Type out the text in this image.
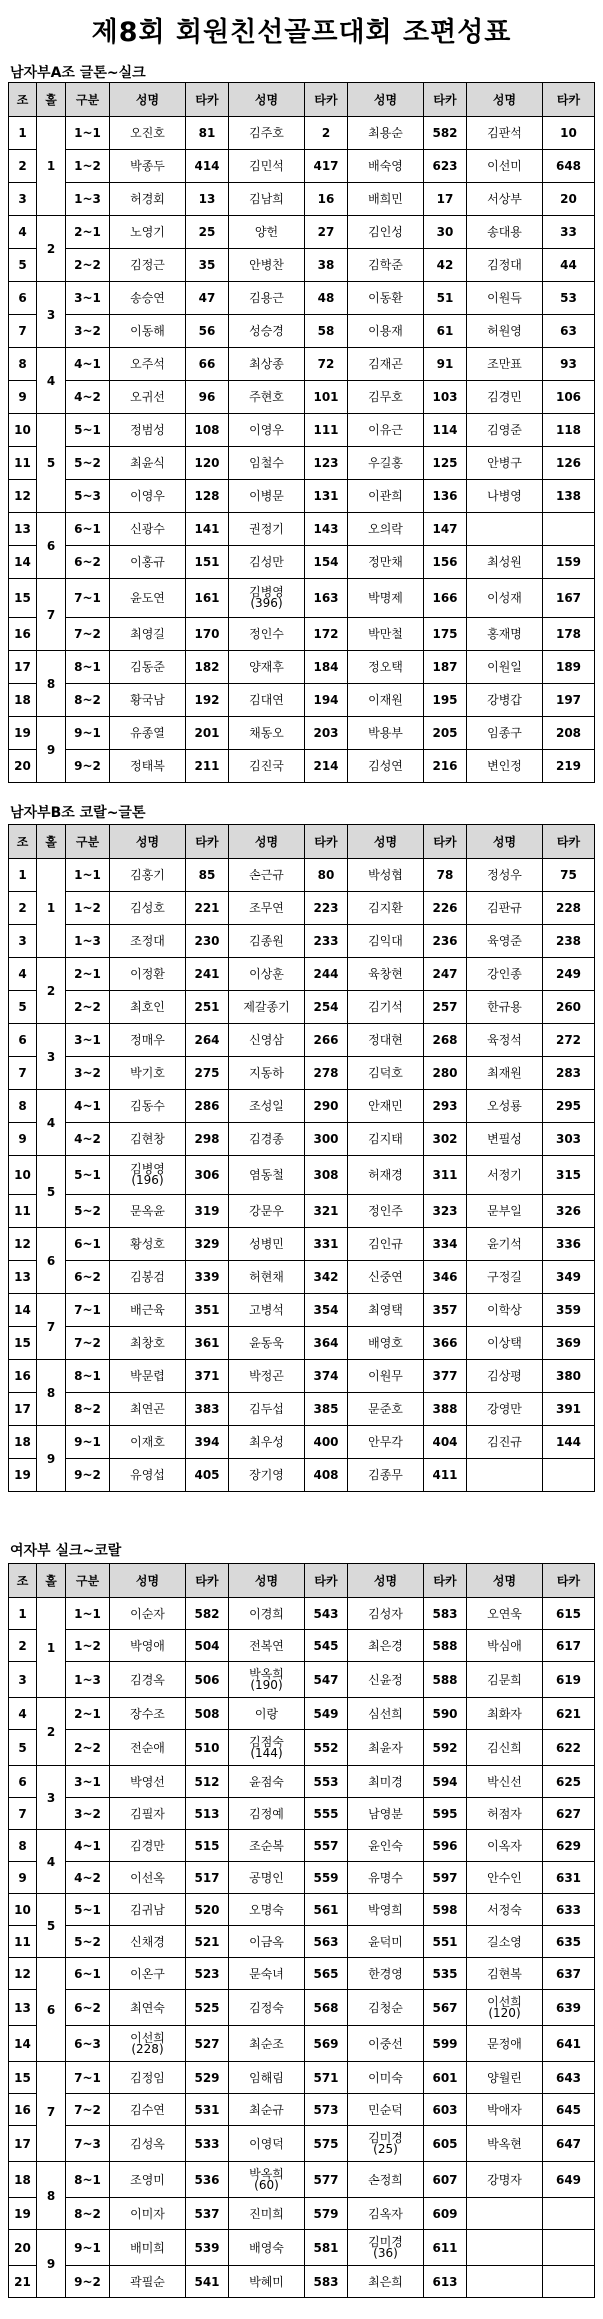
제8회 회원친선골프대회 조편성표
남자부A조 글톤~실크
조	홀	구분	성명	타카	성명	타카	성명	타카	성명	타카
1	1	1~1	오진호	81	김주호	2	최용순	582	김판석	10
2		1~2	박종두	414	김민석	417	배숙영	623	이선미	648
3		1~3	허경회	13	김남희	16	배희민	17	서상부	20
4	2	2~1	노영기	25	양헌	27	김인성	30	송대용	33
5		2~2	김정근	35	안병찬	38	김학준	42	김정대	44
6	3	3~1	송승연	47	김용근	48	이동환	51	이원득	53
7		3~2	이동해	56	성승경	58	이용재	61	허원영	63
8	4	4~1	오주석	66	최상종	72	김재곤	91	조만표	93
9		4~2	오귀선	96	주현호	101	김무호	103	김경민	106
10	5	5~1	정범성	108	이영우	111	이유근	114	김영준	118
11		5~2	최윤식	120	임철수	123	우길홍	125	안병구	126
12		5~3	이영우	128	이병문	131	이관희	136	나병영	138
13	6	6~1	신광수	141	권정기	143	오의락	147		
14		6~2	이홍규	151	김성만	154	정만채	156	최성원	159
15	7	7~1	윤도연	161	김병영
(396)	163	박명제	166	이성재	167
16		7~2	최영길	170	정인수	172	박만철	175	홍재명	178
17	8	8~1	김동준	182	양재후	184	정오택	187	이원일	189
18		8~2	황국남	192	김대연	194	이재원	195	강병갑	197
19	9	9~1	유종열	201	채동오	203	박용부	205	임종구	208
20		9~2	정태복	211	김진국	214	김성연	216	변인정	219
남자부B조 코랄~글톤
조	홀	구분	성명	타카	성명	타카	성명	타카	성명	타카
1	1	1~1	김홍기	85	손근규	80	박성협	78	정성우	75
2		1~2	김성호	221	조무연	223	김지환	226	김판규	228
3		1~3	조정대	230	김종원	233	김익대	236	육영준	238
4	2	2~1	이정환	241	이상훈	244	육창현	247	강인종	249
5		2~2	최호인	251	제갈종기	254	김기석	257	한규용	260
6	3	3~1	정매우	264	신영삼	266	정대현	268	육정석	272
7		3~2	박기호	275	지동하	278	김덕호	280	최재원	283
8	4	4~1	김동수	286	조성일	290	안재민	293	오성룡	295
9		4~2	김현창	298	김경종	300	김지태	302	변필성	303
10	5	5~1	김병영
(196)	306	염동철	308	허재경	311	서정기	315
11		5~2	문옥윤	319	강문우	321	정인주	323	문부일	326
12	6	6~1	황성호	329	성병민	331	김인규	334	윤기석	336
13		6~2	김봉검	339	허현채	342	신중연	346	구정길	349
14	7	7~1	배근육	351	고병석	354	최영택	357	이학상	359
15		7~2	최창호	361	윤동욱	364	배영호	366	이상택	369
16	8	8~1	박문렵	371	박정곤	374	이원무	377	김상평	380
17		8~2	최연곤	383	김두섭	385	문준호	388	강영만	391
18	9	9~1	이재호	394	최우성	400	안무각	404	김진규	144
19		9~2	유영섭	405	장기영	408	김종무	411		
여자부 실크~코랄
조	홀	구분	성명	타카	성명	타카	성명	타카	성명	타카
1	1	1~1	이순자	582	이경희	543	김성자	583	오연욱	615
2		1~2	박영애	504	전복연	545	최은경	588	박심애	617
3		1~3	김경옥	506	박옥희
(190)	547	신윤정	588	김문희	619
4	2	2~1	장수조	508	이랑	549	심선희	590	최화자	621
5		2~2	전순애	510	김점숙
(144)	552	최윤자	592	김신희	622
6	3	3~1	박영선	512	윤점숙	553	최미경	594	박신선	625
7		3~2	김필자	513	김정예	555	남영분	595	허점자	627
8	4	4~1	김경만	515	조순복	557	윤인숙	596	이옥자	629
9		4~2	이선옥	517	공명인	559	유명수	597	안수인	631
10	5	5~1	김귀남	520	오명숙	561	박영희	598	서정숙	633
11		5~2	신채경	521	이금옥	563	윤덕미	551	길소영	635
12	6	6~1	이온구	523	문숙녀	565	한경영	535	김현복	637
13		6~2	최연숙	525	김정숙	568	김청순	567	이선희
(120)	639
14		6~3	이선희
(228)	527	최순조	569	이중선	599	문정애	641
15	7	7~1	김정임	529	임해림	571	이미숙	601	양월린	643
16		7~2	김수연	531	최순규	573	민순덕	603	박애자	645
17		7~3	김성옥	533	이영덕	575	김미경
(25)	605	박옥현	647
18	8	8~1	조영미	536	박옥희
(60)	577	손정희	607	강명자	649
19		8~2	이미자	537	진미희	579	김옥자	609		
20	9	9~1	배미희	539	배영숙	581	김미경
(36)	611		
21		9~2	곽필순	541	박혜미	583	최은희	613		
